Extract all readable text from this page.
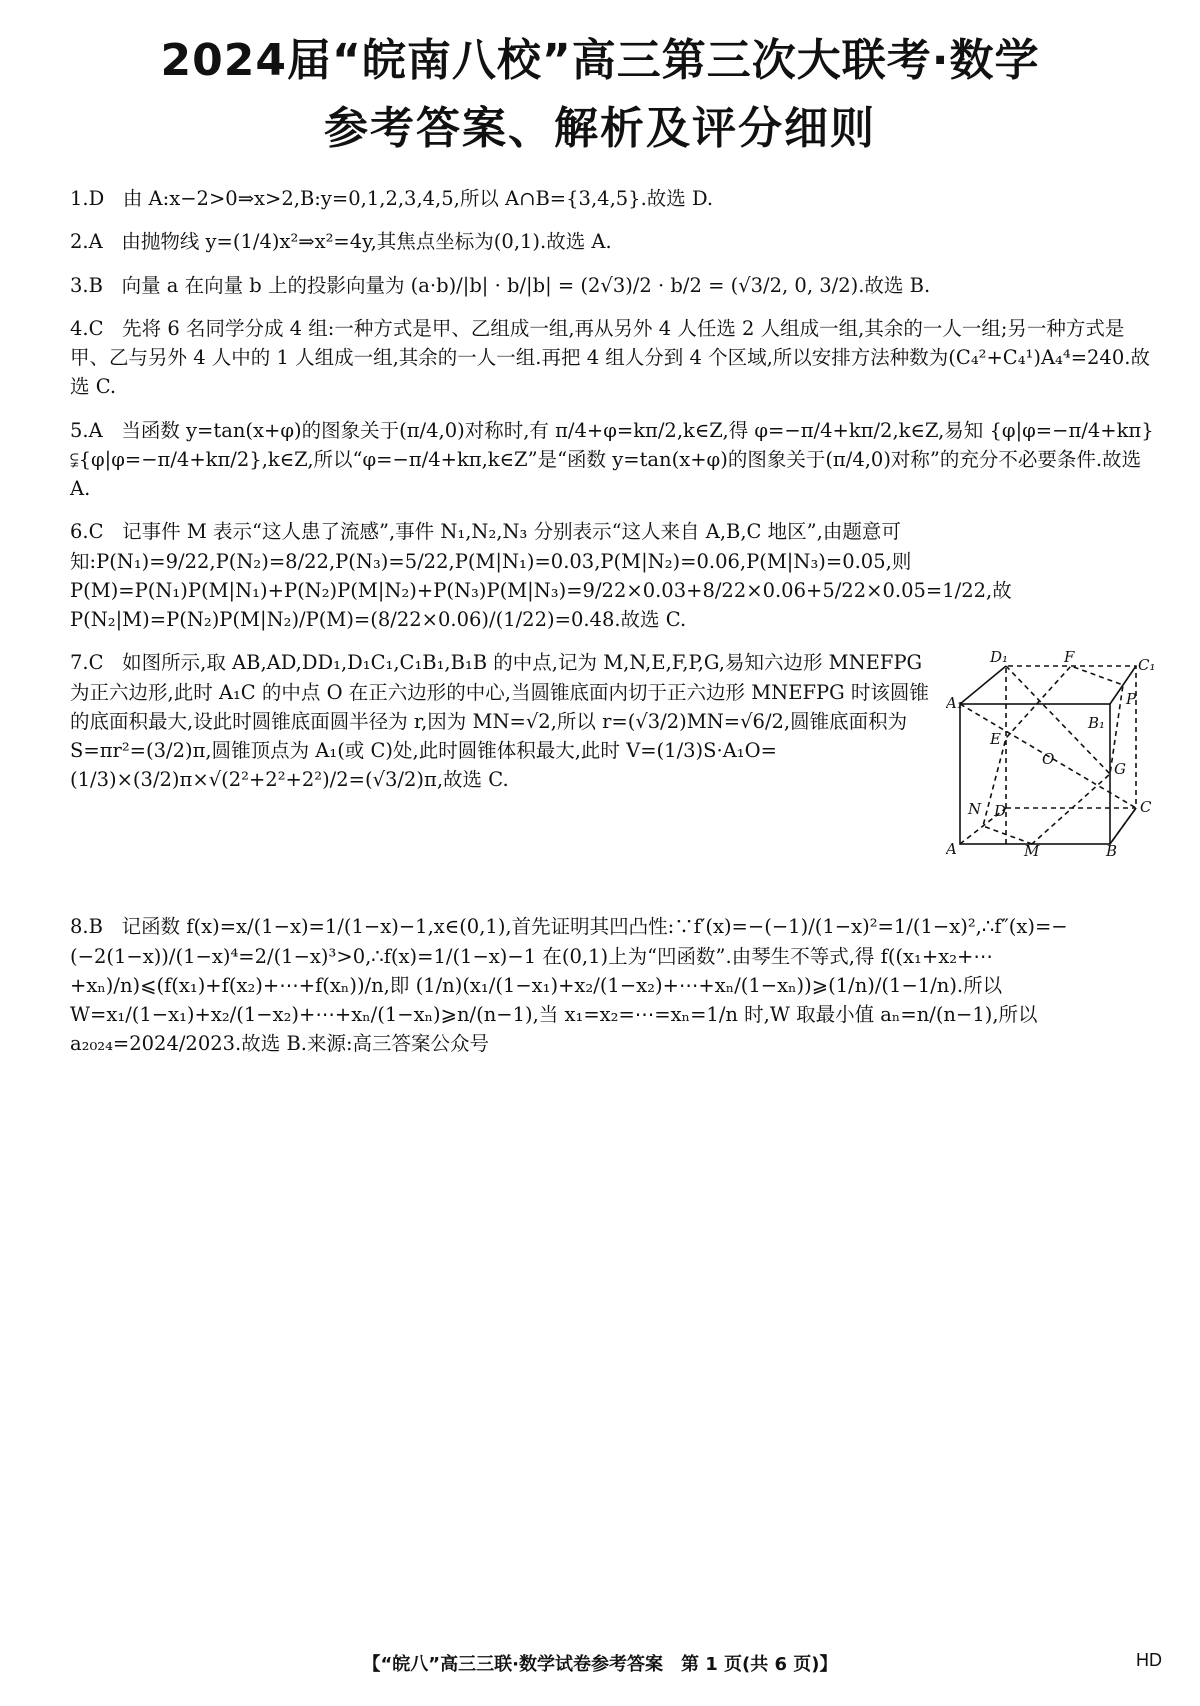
2024届“皖南八校”高三第三次大联考·数学
参考答案、解析及评分细则

1.D 由 A:x−2>0⇒x>2,B:y=0,1,2,3,4,5,所以 A∩B={3,4,5}.故选 D.

2.A 由抛物线 y=(1/4)x²⇒x²=4y,其焦点坐标为(0,1).故选 A.

3.B 向量 a 在向量 b 上的投影向量为 (a·b)/|b| · b/|b| = (2√3)/2 · b/2 = (√3/2, 0, 3/2).故选 B.

4.C 先将 6 名同学分成 4 组:一种方式是甲、乙组成一组,再从另外 4 人任选 2 人组成一组,其余的一人一组;另一种方式是甲、乙与另外 4 人中的 1 人组成一组,其余的一人一组.再把 4 组人分到 4 个区域,所以安排方法种数为(C₄²+C₄¹)A₄⁴=240.故选 C.

5.A 当函数 y=tan(x+φ)的图象关于(π/4,0)对称时,有 π/4+φ=kπ/2,k∈Z,得 φ=−π/4+kπ/2,k∈Z,易知 {φ|φ=−π/4+kπ}⫋{φ|φ=−π/4+kπ/2},k∈Z,所以“φ=−π/4+kπ,k∈Z”是“函数 y=tan(x+φ)的图象关于(π/4,0)对称”的充分不必要条件.故选 A.

6.C 记事件 M 表示“这人患了流感”,事件 N₁,N₂,N₃ 分别表示“这人来自 A,B,C 地区”,由题意可知:P(N₁)=9/22,P(N₂)=8/22,P(N₃)=5/22,P(M|N₁)=0.03,P(M|N₂)=0.06,P(M|N₃)=0.05,则 P(M)=P(N₁)P(M|N₁)+P(N₂)P(M|N₂)+P(N₃)P(M|N₃)=9/22×0.03+8/22×0.06+5/22×0.05=1/22,故 P(N₂|M)=P(N₂)P(M|N₂)/P(M)=(8/22×0.06)/(1/22)=0.48.故选 C.

D₁	F	C₁
A₁
B₁
P
E
O
G
N D	C
A	M	B

7.C 如图所示,取 AB,AD,DD₁,D₁C₁,C₁B₁,B₁B 的中点,记为 M,N,E,F,P,G,易知六边形 MNEFPG 为正六边形,此时 A₁C 的中点 O 在正六边形的中心,当圆锥底面内切于正六边形 MNEFPG 时该圆锥的底面积最大,设此时圆锥底面圆半径为 r,因为 MN=√2,所以 r=(√3/2)MN=√6/2,圆锥底面积为 S=πr²=(3/2)π,圆锥顶点为 A₁(或 C)处,此时圆锥体积最大,此时 V=(1/3)S·A₁O=(1/3)×(3/2)π×√(2²+2²+2²)/2=(√3/2)π,故选 C.

8.B 记函数 f(x)=x/(1−x)=1/(1−x)−1,x∈(0,1),首先证明其凹凸性:∵f′(x)=−(−1)/(1−x)²=1/(1−x)²,∴f″(x)=−(−2(1−x))/(1−x)⁴=2/(1−x)³>0,∴f(x)=1/(1−x)−1 在(0,1)上为“凹函数”.由琴生不等式,得 f((x₁+x₂+⋯+xₙ)/n)⩽(f(x₁)+f(x₂)+⋯+f(xₙ))/n,即 (1/n)(x₁/(1−x₁)+x₂/(1−x₂)+⋯+xₙ/(1−xₙ))⩾(1/n)/(1−1/n).所以 W=x₁/(1−x₁)+x₂/(1−x₂)+⋯+xₙ/(1−xₙ)⩾n/(n−1),当 x₁=x₂=⋯=xₙ=1/n 时,W 取最小值 aₙ=n/(n−1),所以 a₂₀₂₄=2024/2023.故选 B.来源:高三答案公众号

【“皖八”高三三联·数学试卷参考答案　第 1 页(共 6 页)】	HD
